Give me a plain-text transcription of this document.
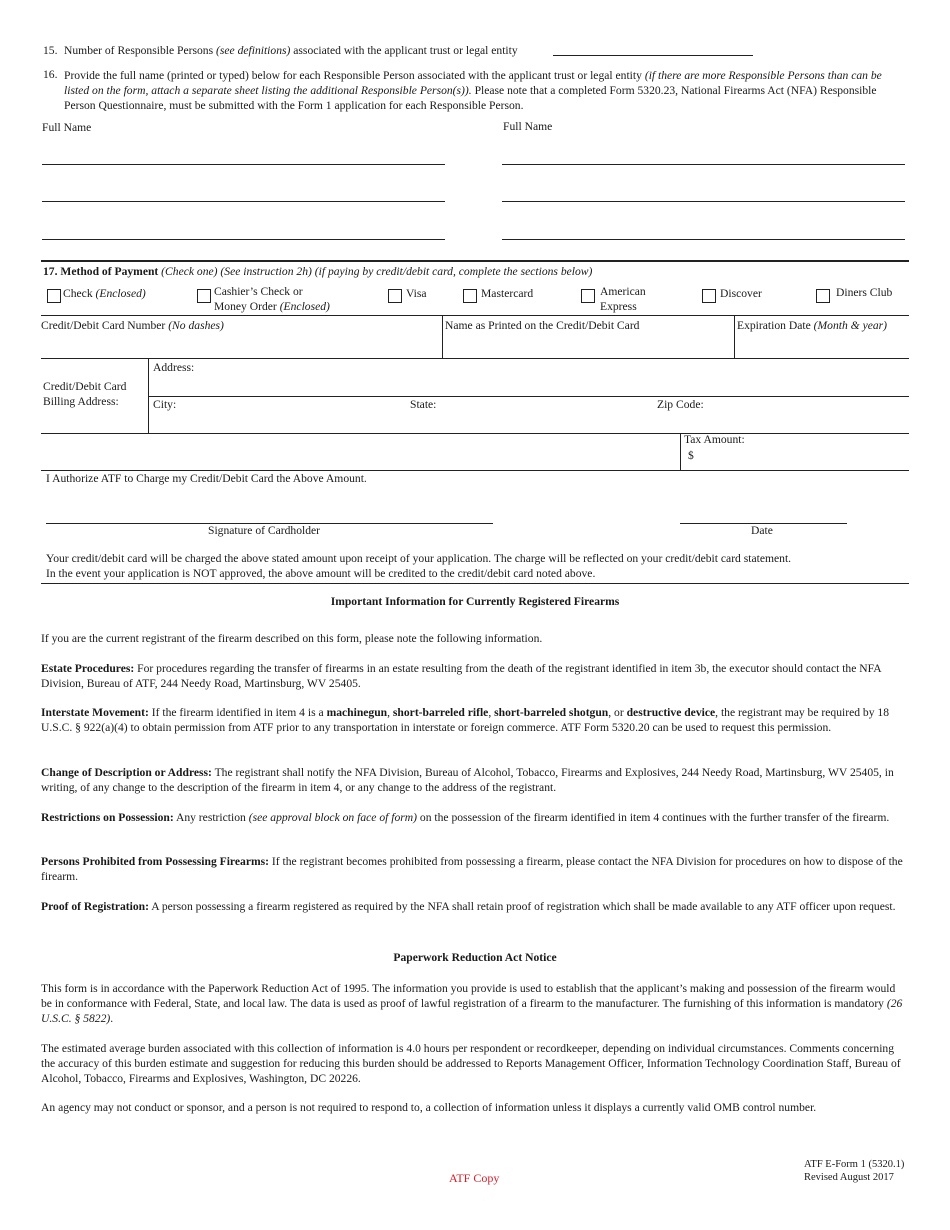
15. Number of Responsible Persons (see definitions) associated with the applicant trust or legal entity
16. Provide the full name (printed or typed) below for each Responsible Person associated with the applicant trust or legal entity (if there are more Responsible Persons than can be listed on the form, attach a separate sheet listing the additional Responsible Person(s)). Please note that a completed Form 5320.23, National Firearms Act (NFA) Responsible Person Questionnaire, must be submitted with the Form 1 application for each Responsible Person.
Full Name	Full Name
17. Method of Payment (Check one) (See instruction 2h) (if paying by credit/debit card, complete the sections below)
Check (Enclosed)	Cashier’s Check or
Money Order (Enclosed)
Visa	Mastercard	American
Express
Discover	Diners Club
Credit/Debit Card Number (No dashes)	Name as Printed on the Credit/Debit Card	Expiration Date (Month & year)
Credit/Debit Card
Billing Address:
Address:
City:	State:	Zip Code:
Tax Amount:
$
I Authorize ATF to Charge my Credit/Debit Card the Above Amount.
Signature of Cardholder	Date
Your credit/debit card will be charged the above stated amount upon receipt of your application. The charge will be reflected on your credit/debit card statement.
In the event your application is NOT approved, the above amount will be credited to the credit/debit card noted above.
Important Information for Currently Registered Firearms
If you are the current registrant of the firearm described on this form, please note the following information.
Estate Procedures: For procedures regarding the transfer of firearms in an estate resulting from the death of the registrant identified in item 3b, the executor should contact the NFA Division, Bureau of ATF, 244 Needy Road, Martinsburg, WV 25405.
Interstate Movement: If the firearm identified in item 4 is a machinegun, short-barreled rifle, short-barreled shotgun, or destructive device, the registrant may be required by 18 U.S.C. § 922(a)(4) to obtain permission from ATF prior to any transportation in interstate or foreign commerce. ATF Form 5320.20 can be used to request this permission.
Change of Description or Address: The registrant shall notify the NFA Division, Bureau of Alcohol, Tobacco, Firearms and Explosives, 244 Needy Road, Martinsburg, WV 25405, in writing, of any change to the description of the firearm in item 4, or any change to the address of the registrant.
Restrictions on Possession: Any restriction (see approval block on face of form) on the possession of the firearm identified in item 4 continues with the further transfer of the firearm.
Persons Prohibited from Possessing Firearms: If the registrant becomes prohibited from possessing a firearm, please contact the NFA Division for procedures on how to dispose of the firearm.
Proof of Registration: A person possessing a firearm registered as required by the NFA shall retain proof of registration which shall be made available to any ATF officer upon request.
Paperwork Reduction Act Notice
This form is in accordance with the Paperwork Reduction Act of 1995. The information you provide is used to establish that the applicant’s making and possession of the firearm would be in conformance with Federal, State, and local law. The data is used as proof of lawful registration of a firearm to the manufacturer. The furnishing of this information is mandatory (26 U.S.C. § 5822).
The estimated average burden associated with this collection of information is 4.0 hours per respondent or recordkeeper, depending on individual circumstances. Comments concerning the accuracy of this burden estimate and suggestion for reducing this burden should be addressed to Reports Management Officer, Information Technology Coordination Staff, Bureau of Alcohol, Tobacco, Firearms and Explosives, Washington, DC 20226.
An agency may not conduct or sponsor, and a person is not required to respond to, a collection of information unless it displays a currently valid OMB control number.
ATF Copy
ATF E-Form 1 (5320.1)
Revised August 2017
